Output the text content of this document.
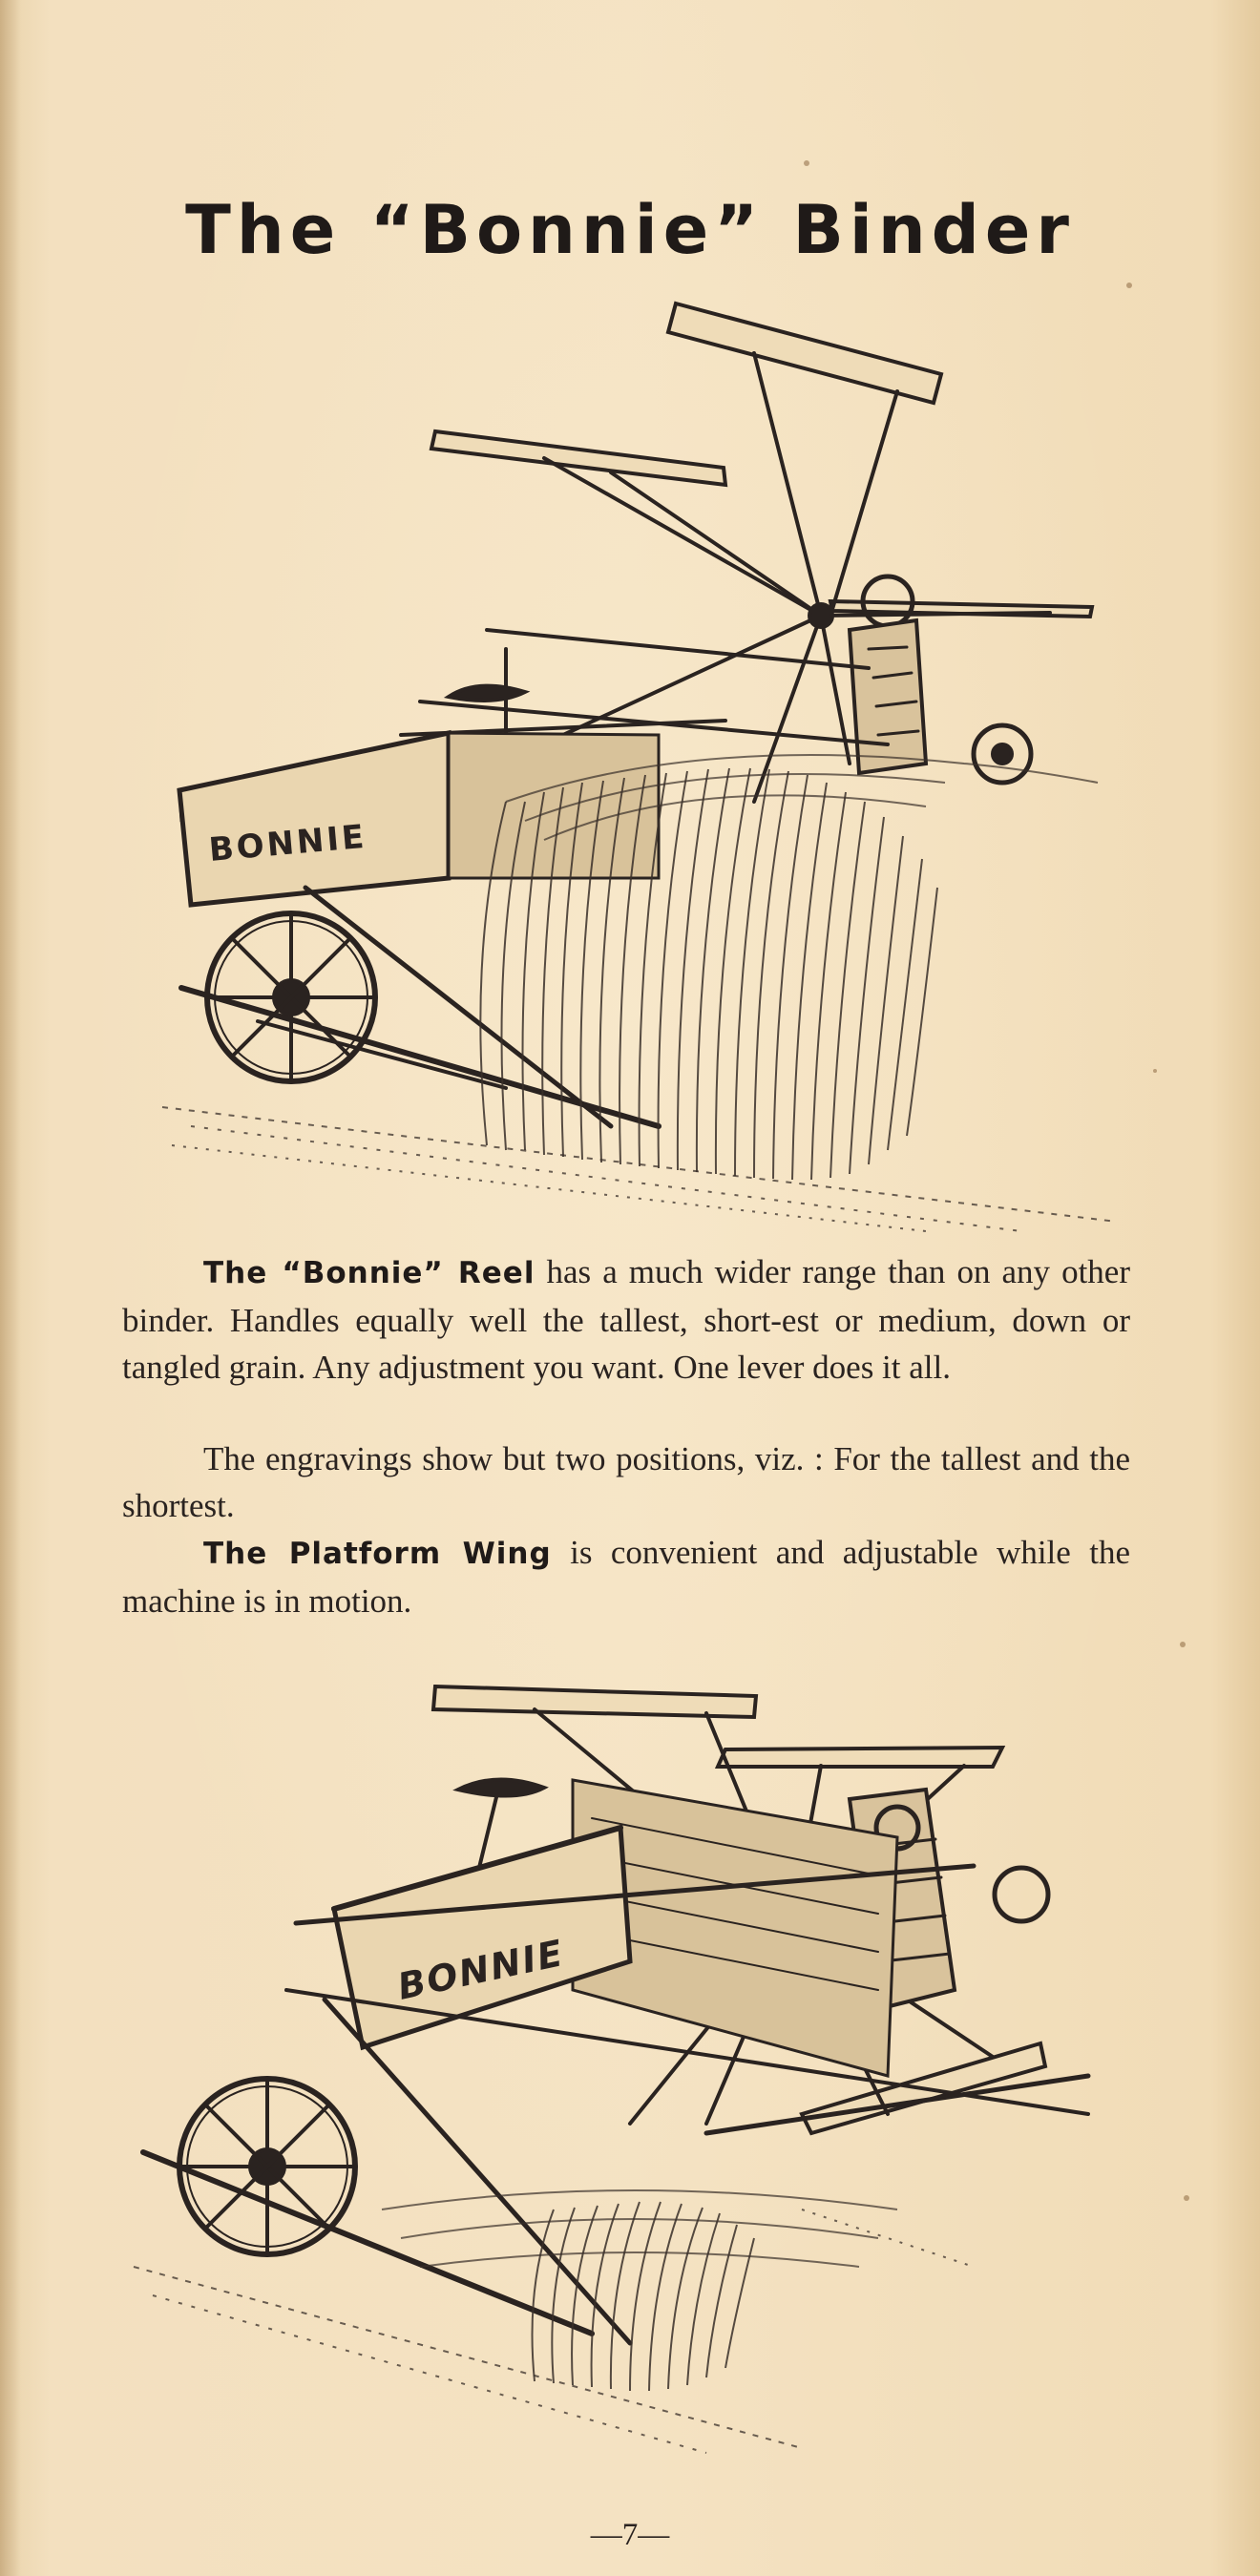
The “Bonnie” Binder
BONNIE
The “Bonnie” Reel has a much wider range than on any other binder. Handles equally well the tallest, short-est or medium, down or tangled grain. Any adjustment you want. One lever does it all.
The engravings show but two positions, viz. : For the tallest and the shortest.
The Platform Wing is convenient and adjustable while the machine is in motion.
BONNIE
—7—
